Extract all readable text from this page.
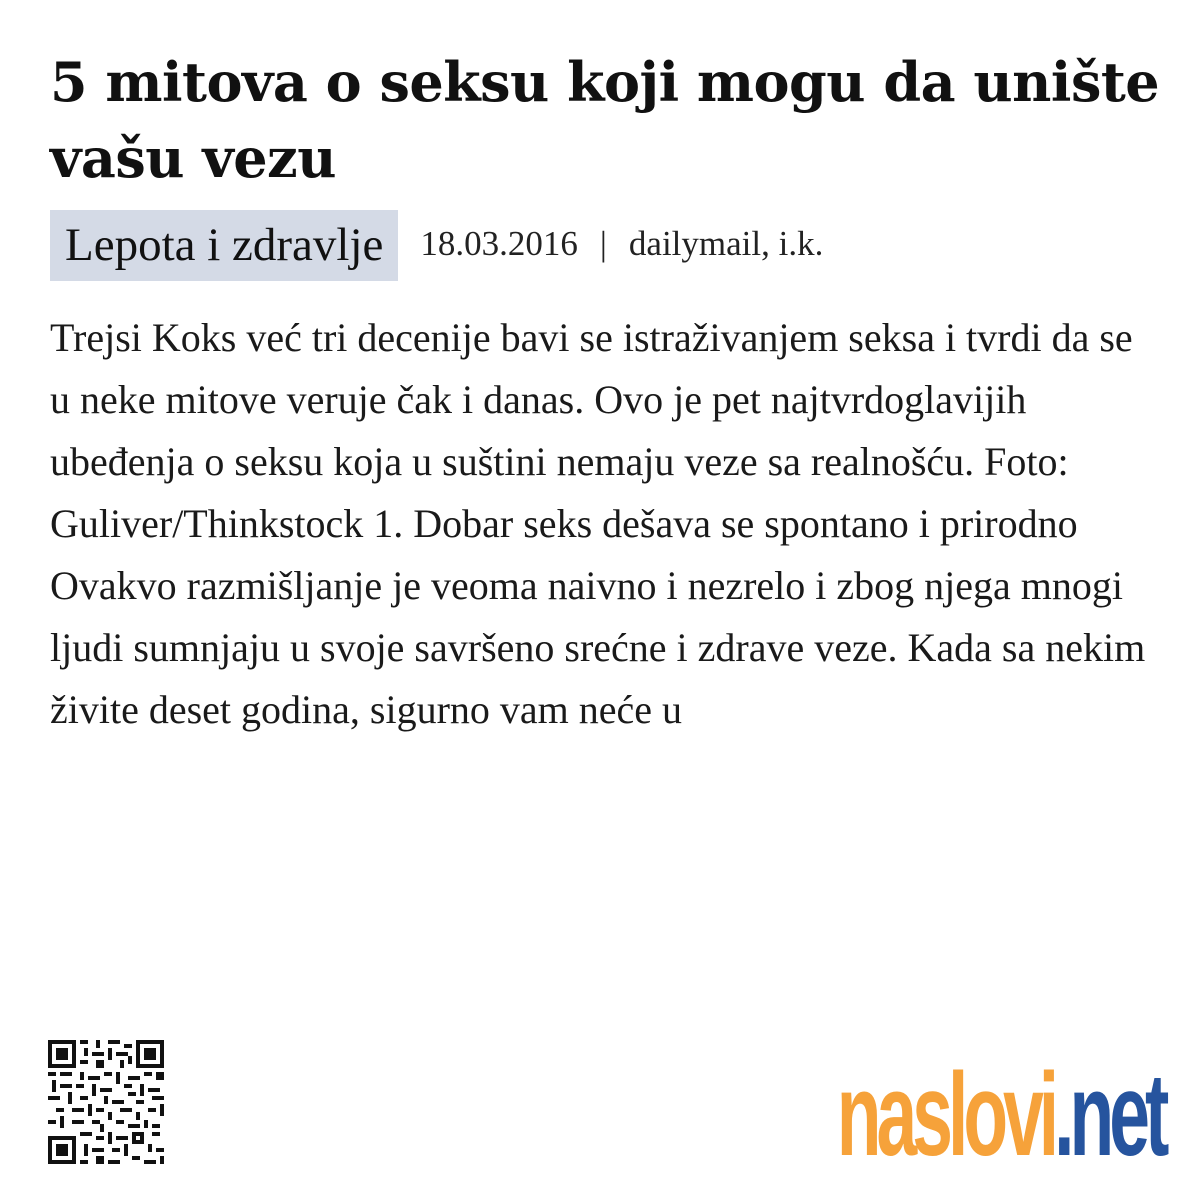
5 mitova o seksu koji mogu da unište vašu vezu
Lepota i zdravlje	18.03.2016 | dailymail, i.k.

Trejsi Koks već tri decenije bavi se istraživanjem seksa i tvrdi da se u neke mitove veruje čak i danas. Ovo je pet najtvrdoglavijih ubeđenja o seksu koja u suštini nemaju veze sa realnošću. Foto: Guliver/Thinkstock 1. Dobar seks dešava se spontano i prirodno Ovakvo razmišljanje je veoma naivno i nezrelo i zbog njega mnogi ljudi sumnjaju u svoje savršeno srećne i zdrave veze. Kada sa nekim živite deset godina, sigurno vam neće u

naslovi.net
